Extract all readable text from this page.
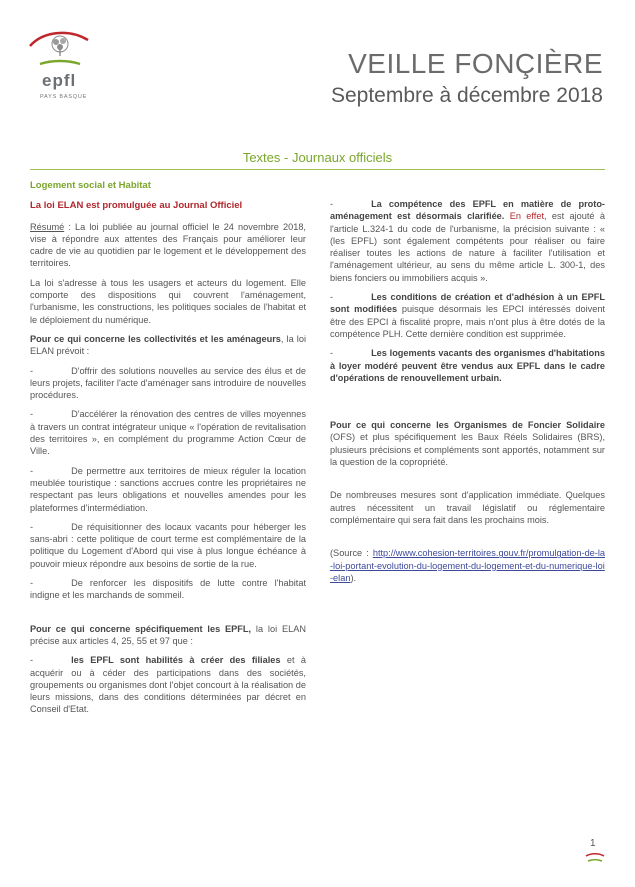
epfl
PAYS BASQUE
VEILLE FONÇIÈRE
Septembre à décembre 2018
Textes - Journaux officiels
Logement social et Habitat
La loi ELAN est promulguée au Journal Officiel

Résumé : La loi publiée au journal officiel le 24 novembre 2018, vise à répondre aux attentes des Français pour améliorer leur cadre de vie au quotidien par le logement et le développement des territoires.

La loi s'adresse à tous les usagers et acteurs du logement. Elle comporte des dispositions qui couvrent l'aménagement, l'urbanisme, les constructions, les politiques sociales de l'habitat et le déploiement du numérique.

Pour ce qui concerne les collectivités et les aménageurs, la loi ELAN prévoit :

-	D'offrir des solutions nouvelles au service des élus et de leurs projets, faciliter l'acte d'aménager sans introduire de nouvelles procédures.

-	D'accélérer la rénovation des centres de villes moyennes à travers un contrat intégrateur unique « l'opération de revitalisation des territoires », en complément du programme Action Cœur de Ville.

-	De permettre aux territoires de mieux réguler la location meublée touristique : sanctions accrues contre les propriétaires ne respectant pas leurs obligations et nouvelles amendes pour les plateformes d'intermédiation.

-	De réquisitionner des locaux vacants pour héberger les sans-abri : cette politique de court terme est complémentaire de la politique du Logement d'Abord qui vise à plus longue échéance à pouvoir mieux répondre aux besoins de sortie de la rue.

-	De renforcer les dispositifs de lutte contre l'habitat indigne et les marchands de sommeil.

Pour ce qui concerne spécifiquement les EPFL, la loi ELAN précise aux articles 4, 25, 55 et 97 que :

-	les EPFL sont habilités à créer des filiales et à acquérir ou à céder des participations dans des sociétés, groupements ou organismes dont l'objet concourt à la réalisation de leurs missions, dans des conditions déterminées par décret en Conseil d'Etat.

-	La compétence des EPFL en matière de proto-aménagement est désormais clarifiée. En effet, est ajouté à l'article L.324-1 du code de l'urbanisme, la précision suivante : « (les EPFL) sont également compétents pour réaliser ou faire réaliser toutes les actions de nature à faciliter l'utilisation et l'aménagement ultérieur, au sens du même article L. 300-1, des biens fonciers ou immobiliers acquis ».

-	Les conditions de création et d'adhésion à un EPFL sont modifiées puisque désormais les EPCI intéressés doivent être des EPCI à fiscalité propre, mais n'ont plus à être dotés de la compétence PLH. Cette dernière condition est supprimée.

-	Les logements vacants des organismes d'habitations à loyer modéré peuvent être vendus aux EPFL dans le cadre d'opérations de renouvellement urbain.

Pour ce qui concerne les Organismes de Foncier Solidaire (OFS) et plus spécifiquement les Baux Réels Solidaires (BRS), plusieurs précisions et compléments sont apportés, notamment sur la question de la copropriété.

De nombreuses mesures sont d'application immédiate. Quelques autres nécessitent un travail législatif ou réglementaire complémentaire qui sera fait dans les prochains mois.

(Source : http://www.cohesion-territoires.gouv.fr/promulgation-de-la-loi-portant-evolution-du-logement-du-logement-et-du-numerique-loi-elan).

1
